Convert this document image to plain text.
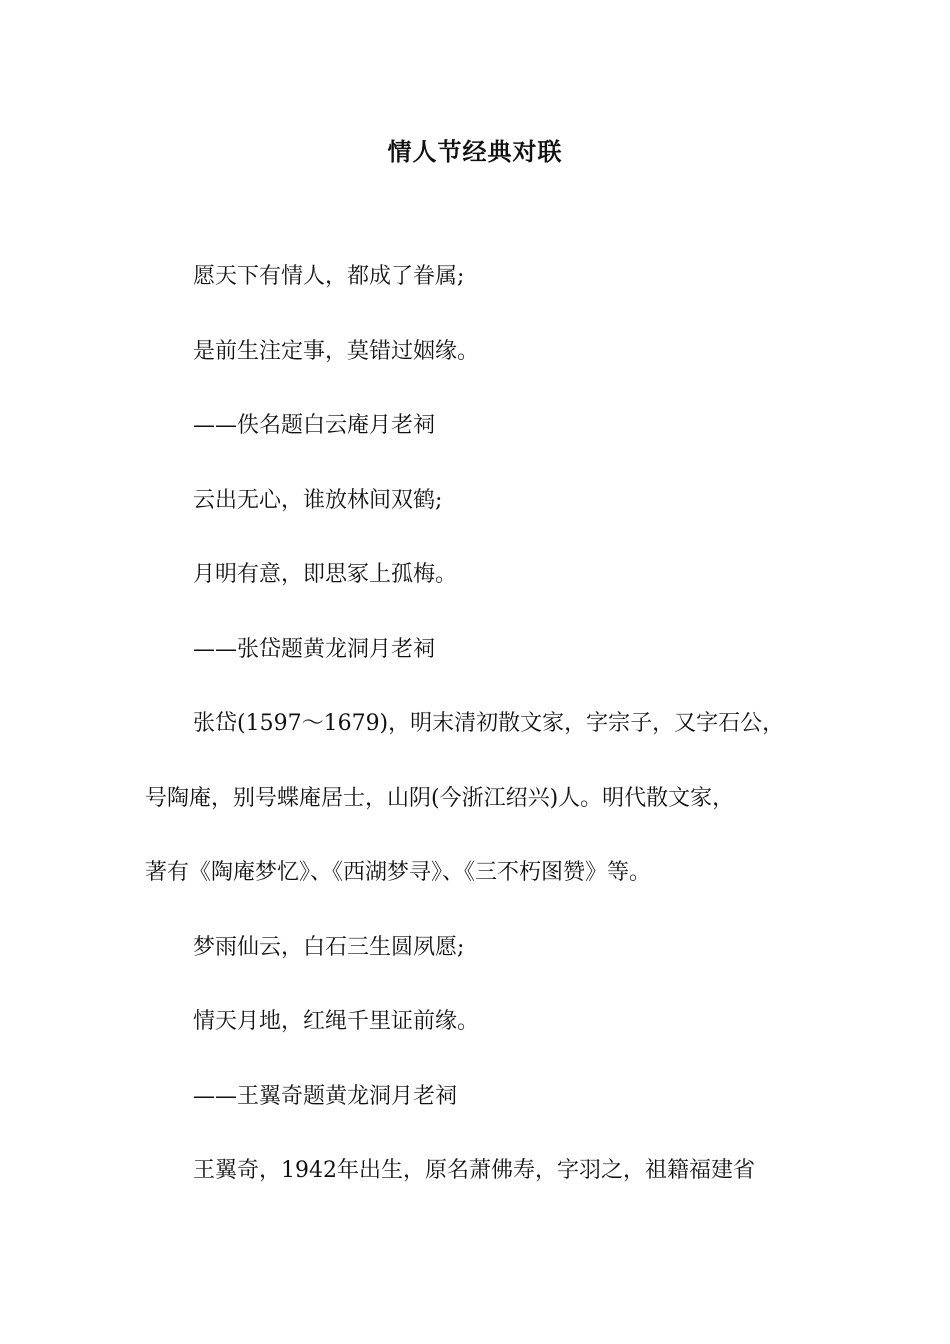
情人节经典对联
愿天下有情人，都成了眷属;
是前生注定事，莫错过姻缘。
——佚名题白云庵月老祠
云出无心，谁放林间双鹤;
月明有意，即思冢上孤梅。
——张岱题黄龙洞月老祠
张岱(1597～1679)，明末清初散文家，字宗子，又字石公，
号陶庵，别号蝶庵居士，山阴(今浙江绍兴)人。明代散文家，
著有《陶庵梦忆》、《西湖梦寻》、《三不朽图赞》等。
梦雨仙云，白石三生圆夙愿;
情天月地，红绳千里证前缘。
——王翼奇题黄龙洞月老祠
王翼奇，1942年出生，原名萧佛寿，字羽之，祖籍福建省
